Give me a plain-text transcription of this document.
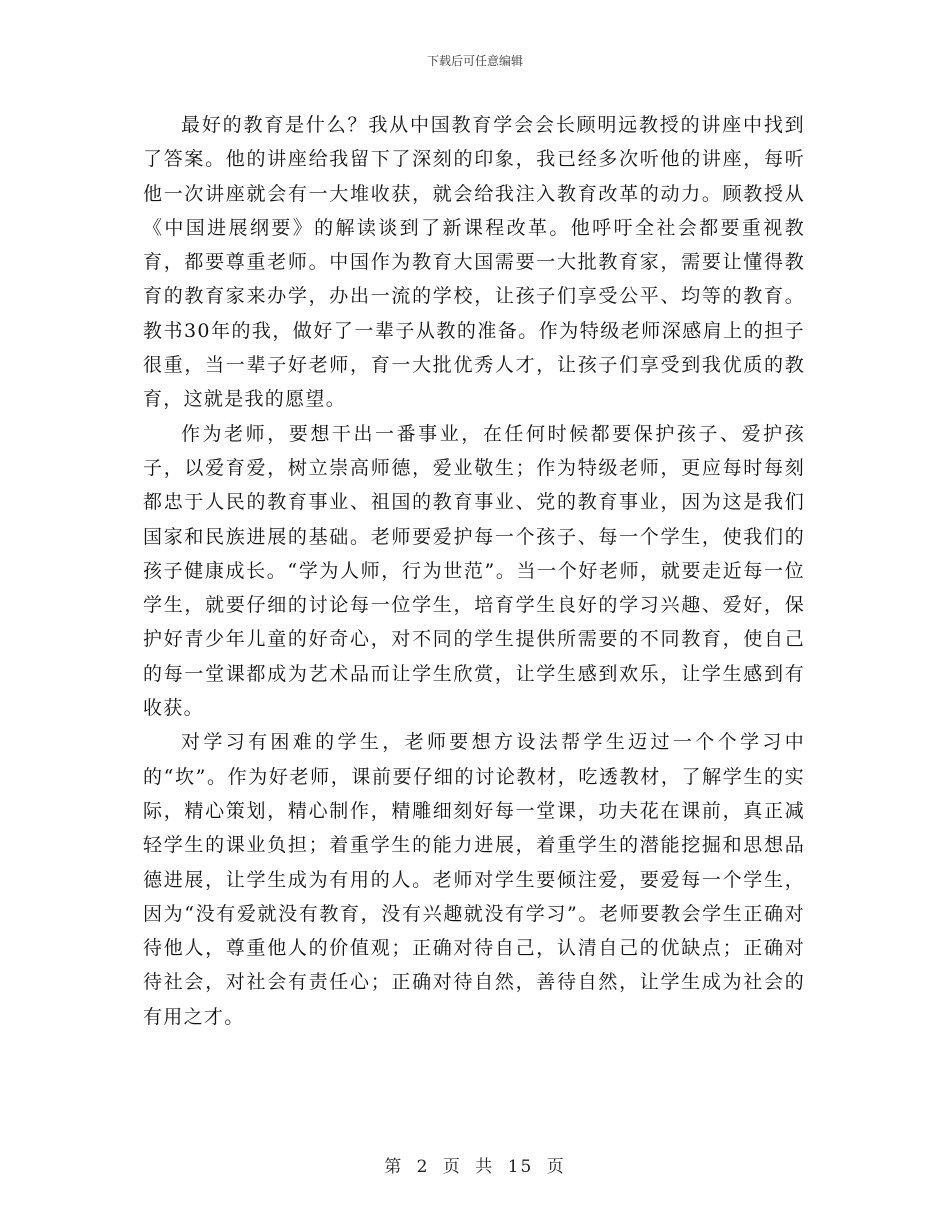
下载后可任意编辑

最好的教育是什么？我从中国教育学会会长顾明远教授的讲座中找到了答案。他的讲座给我留下了深刻的印象，我已经多次听他的讲座，每听他一次讲座就会有一大堆收获，就会给我注入教育改革的动力。顾教授从《中国进展纲要》的解读谈到了新课程改革。他呼吁全社会都要重视教育，都要尊重老师。中国作为教育大国需要一大批教育家，需要让懂得教育的教育家来办学，办出一流的学校，让孩子们享受公平、均等的教育。教书30年的我，做好了一辈子从教的准备。作为特级老师深感肩上的担子很重，当一辈子好老师，育一大批优秀人才，让孩子们享受到我优质的教育，这就是我的愿望。

作为老师，要想干出一番事业，在任何时候都要保护孩子、爱护孩子，以爱育爱，树立崇高师德，爱业敬生；作为特级老师，更应每时每刻都忠于人民的教育事业、祖国的教育事业、党的教育事业，因为这是我们国家和民族进展的基础。老师要爱护每一个孩子、每一个学生，使我们的孩子健康成长。“学为人师，行为世范”。当一个好老师，就要走近每一位学生，就要仔细的讨论每一位学生，培育学生良好的学习兴趣、爱好，保护好青少年儿童的好奇心，对不同的学生提供所需要的不同教育，使自己的每一堂课都成为艺术品而让学生欣赏，让学生感到欢乐，让学生感到有收获。

对学习有困难的学生，老师要想方设法帮学生迈过一个个学习中的“坎”。作为好老师，课前要仔细的讨论教材，吃透教材，了解学生的实际，精心策划，精心制作，精雕细刻好每一堂课，功夫花在课前，真正减轻学生的课业负担；着重学生的能力进展，着重学生的潜能挖掘和思想品德进展，让学生成为有用的人。老师对学生要倾注爱，要爱每一个学生，因为“没有爱就没有教育，没有兴趣就没有学习”。老师要教会学生正确对待他人，尊重他人的价值观；正确对待自己，认清自己的优缺点；正确对待社会，对社会有责任心；正确对待自然，善待自然，让学生成为社会的有用之才。

第 2 页 共 15 页
